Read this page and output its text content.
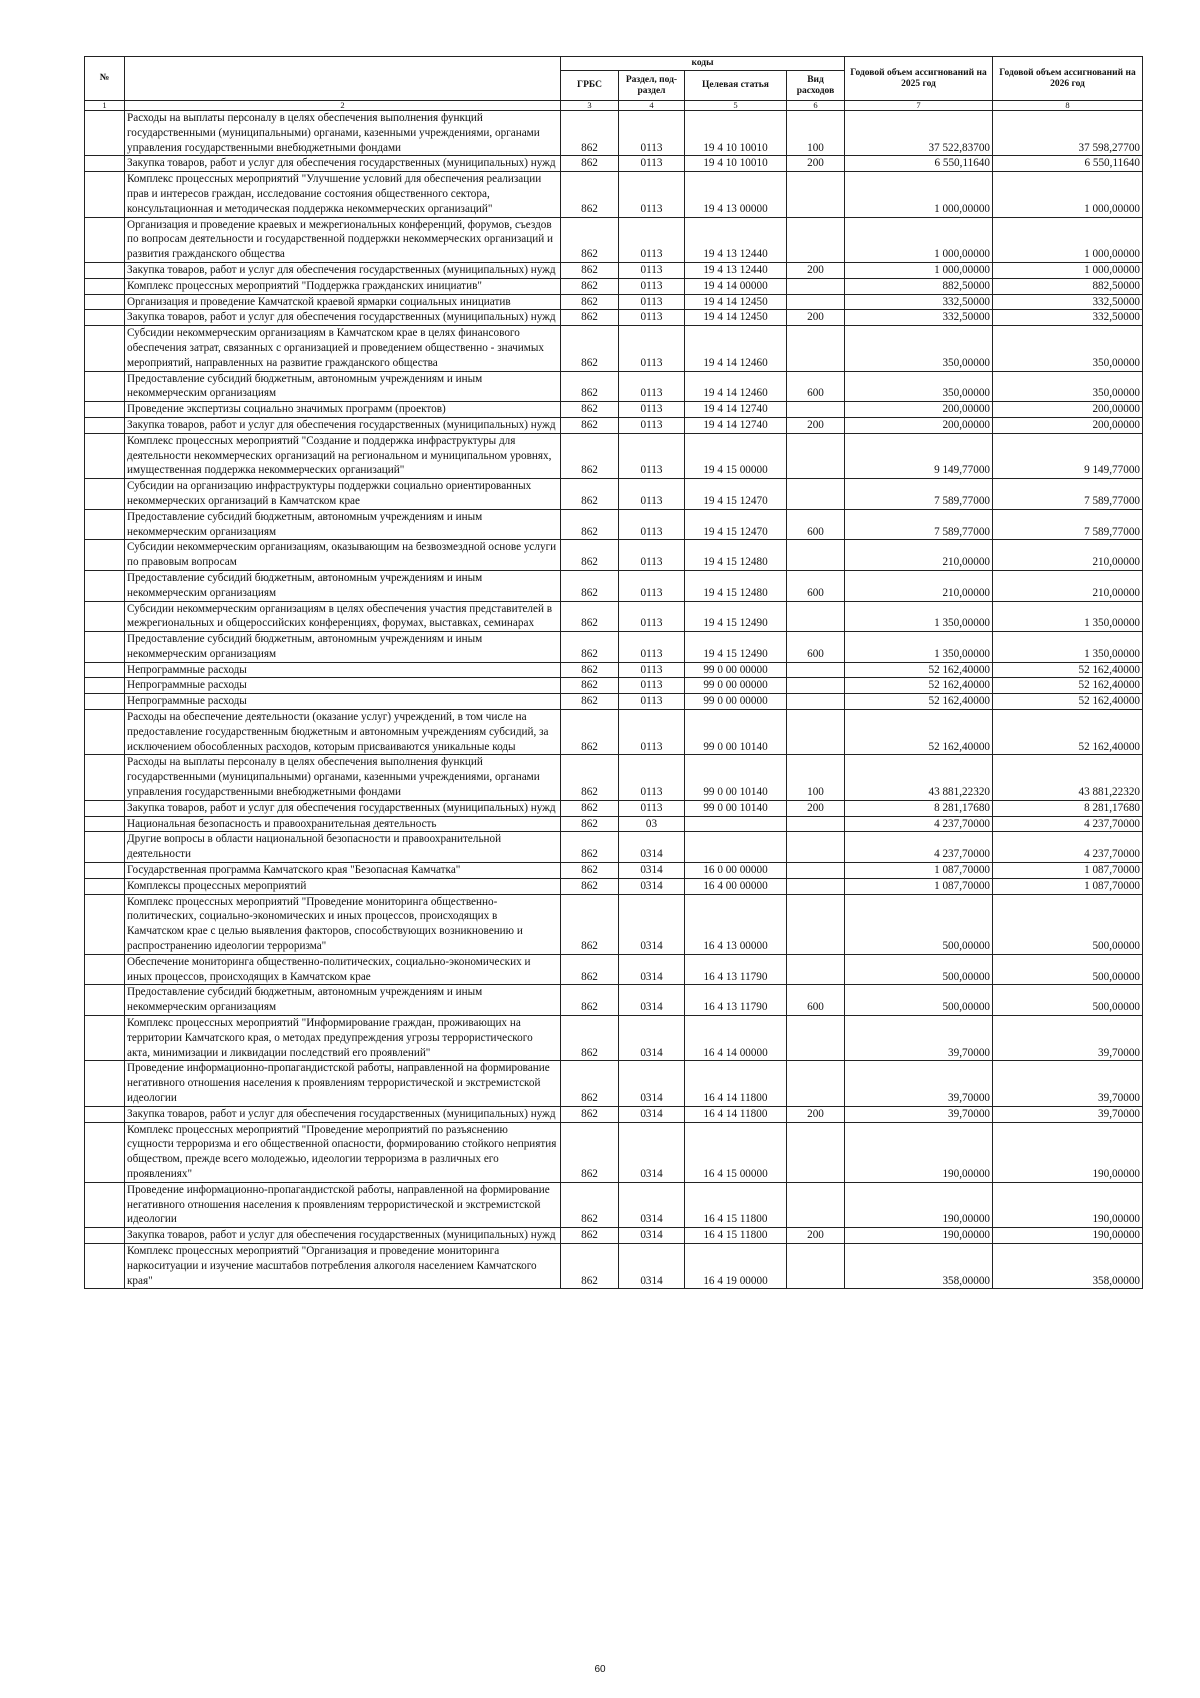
№		коды				Годовой объем ассигнований на 2025 год	Годовой объем ассигнований на 2026 год
		ГРБС	Раздел, под-раздел	Целевая статья	Вид расходов		
1	2	3	4	5	6	7	8
	Расходы на выплаты персоналу в целях обеспечения выполнения функций государственными (муниципальными) органами, казенными учреждениями, органами управления государственными внебюджетными фондами	862	0113	19 4 10 10010	100	37 522,83700	37 598,27700
	Закупка товаров, работ и услуг для обеспечения государственных (муниципальных) нужд	862	0113	19 4 10 10010	200	6 550,11640	6 550,11640
	Комплекс процессных мероприятий "Улучшение условий для обеспечения реализации прав и интересов граждан, исследование состояния общественного сектора, консультационная и методическая поддержка некоммерческих организаций"	862	0113	19 4 13 00000		1 000,00000	1 000,00000
	Организация и проведение краевых и межрегиональных конференций, форумов, съездов по вопросам деятельности и государственной поддержки некоммерческих организаций и развития гражданского общества	862	0113	19 4 13 12440		1 000,00000	1 000,00000
	Закупка товаров, работ и услуг для обеспечения государственных (муниципальных) нужд	862	0113	19 4 13 12440	200	1 000,00000	1 000,00000
	Комплекс процессных мероприятий "Поддержка гражданских инициатив"	862	0113	19 4 14 00000		882,50000	882,50000
	Организация и проведение Камчатской краевой ярмарки социальных инициатив	862	0113	19 4 14 12450		332,50000	332,50000
	Закупка товаров, работ и услуг для обеспечения государственных (муниципальных) нужд	862	0113	19 4 14 12450	200	332,50000	332,50000
	Субсидии некоммерческим организациям в Камчатском крае в целях финансового обеспечения затрат, связанных с организацией и проведением общественно - значимых мероприятий, направленных на развитие гражданского общества	862	0113	19 4 14 12460		350,00000	350,00000
	Предоставление субсидий бюджетным, автономным учреждениям и иным некоммерческим организациям	862	0113	19 4 14 12460	600	350,00000	350,00000
	Проведение экспертизы социально значимых программ (проектов)	862	0113	19 4 14 12740		200,00000	200,00000
	Закупка товаров, работ и услуг для обеспечения государственных (муниципальных) нужд	862	0113	19 4 14 12740	200	200,00000	200,00000
	Комплекс процессных мероприятий "Создание и поддержка инфраструктуры для деятельности некоммерческих организаций на региональном и муниципальном уровнях, имущественная поддержка некоммерческих организаций"	862	0113	19 4 15 00000		9 149,77000	9 149,77000
	Субсидии на организацию инфраструктуры поддержки социально ориентированных некоммерческих организаций в Камчатском крае	862	0113	19 4 15 12470		7 589,77000	7 589,77000
	Предоставление субсидий бюджетным, автономным учреждениям и иным некоммерческим организациям	862	0113	19 4 15 12470	600	7 589,77000	7 589,77000
	Субсидии некоммерческим организациям, оказывающим на безвозмездной основе услуги по правовым вопросам	862	0113	19 4 15 12480		210,00000	210,00000
	Предоставление субсидий бюджетным, автономным учреждениям и иным некоммерческим организациям	862	0113	19 4 15 12480	600	210,00000	210,00000
	Субсидии некоммерческим организациям в целях обеспечения участия представителей в межрегиональных и общероссийских конференциях, форумах, выставках, семинарах	862	0113	19 4 15 12490		1 350,00000	1 350,00000
	Предоставление субсидий бюджетным, автономным учреждениям и иным некоммерческим организациям	862	0113	19 4 15 12490	600	1 350,00000	1 350,00000
	Непрограммные расходы	862	0113	99 0 00 00000		52 162,40000	52 162,40000
	Непрограммные расходы	862	0113	99 0 00 00000		52 162,40000	52 162,40000
	Непрограммные расходы	862	0113	99 0 00 00000		52 162,40000	52 162,40000
	Расходы на обеспечение деятельности (оказание услуг) учреждений, в том числе на предоставление государственным бюджетным и автономным учреждениям субсидий, за исключением обособленных расходов, которым присваиваются уникальные коды	862	0113	99 0 00 10140		52 162,40000	52 162,40000
	Расходы на выплаты персоналу в целях обеспечения выполнения функций государственными (муниципальными) органами, казенными учреждениями, органами управления государственными внебюджетными фондами	862	0113	99 0 00 10140	100	43 881,22320	43 881,22320
	Закупка товаров, работ и услуг для обеспечения государственных (муниципальных) нужд	862	0113	99 0 00 10140	200	8 281,17680	8 281,17680
	Национальная безопасность и правоохранительная деятельность	862	03			4 237,70000	4 237,70000
	Другие вопросы в области национальной безопасности и правоохранительной деятельности	862	0314			4 237,70000	4 237,70000
	Государственная программа Камчатского края "Безопасная Камчатка"	862	0314	16 0 00 00000		1 087,70000	1 087,70000
	Комплексы процессных мероприятий	862	0314	16 4 00 00000		1 087,70000	1 087,70000
	Комплекс процессных мероприятий "Проведение мониторинга общественно-политических, социально-экономических и иных процессов, происходящих в Камчатском крае с целью выявления факторов, способствующих возникновению и распространению идеологии терроризма"	862	0314	16 4 13 00000		500,00000	500,00000
	Обеспечение мониторинга общественно-политических, социально-экономических и иных процессов, происходящих в Камчатском крае	862	0314	16 4 13 11790		500,00000	500,00000
	Предоставление субсидий бюджетным, автономным учреждениям и иным некоммерческим организациям	862	0314	16 4 13 11790	600	500,00000	500,00000
	Комплекс процессных мероприятий "Информирование граждан, проживающих на территории Камчатского края, о методах предупреждения угрозы террористического акта, минимизации и ликвидации последствий его проявлений"	862	0314	16 4 14 00000		39,70000	39,70000
	Проведение информационно-пропагандистской работы, направленной на формирование негативного отношения населения к проявлениям террористической и экстремистской идеологии	862	0314	16 4 14 11800		39,70000	39,70000
	Закупка товаров, работ и услуг для обеспечения государственных (муниципальных) нужд	862	0314	16 4 14 11800	200	39,70000	39,70000
	Комплекс процессных мероприятий "Проведение мероприятий по разъяснению сущности терроризма и его общественной опасности, формированию стойкого неприятия обществом, прежде всего молодежью, идеологии терроризма в различных его проявлениях"	862	0314	16 4 15 00000		190,00000	190,00000
	Проведение информационно-пропагандистской работы, направленной на формирование негативного отношения населения к проявлениям террористической и экстремистской идеологии	862	0314	16 4 15 11800		190,00000	190,00000
	Закупка товаров, работ и услуг для обеспечения государственных (муниципальных) нужд	862	0314	16 4 15 11800	200	190,00000	190,00000
	Комплекс процессных мероприятий "Организация и проведение мониторинга наркоситуации и изучение масштабов потребления алкоголя населением Камчатского края"	862	0314	16 4 19 00000		358,00000	358,00000
60
